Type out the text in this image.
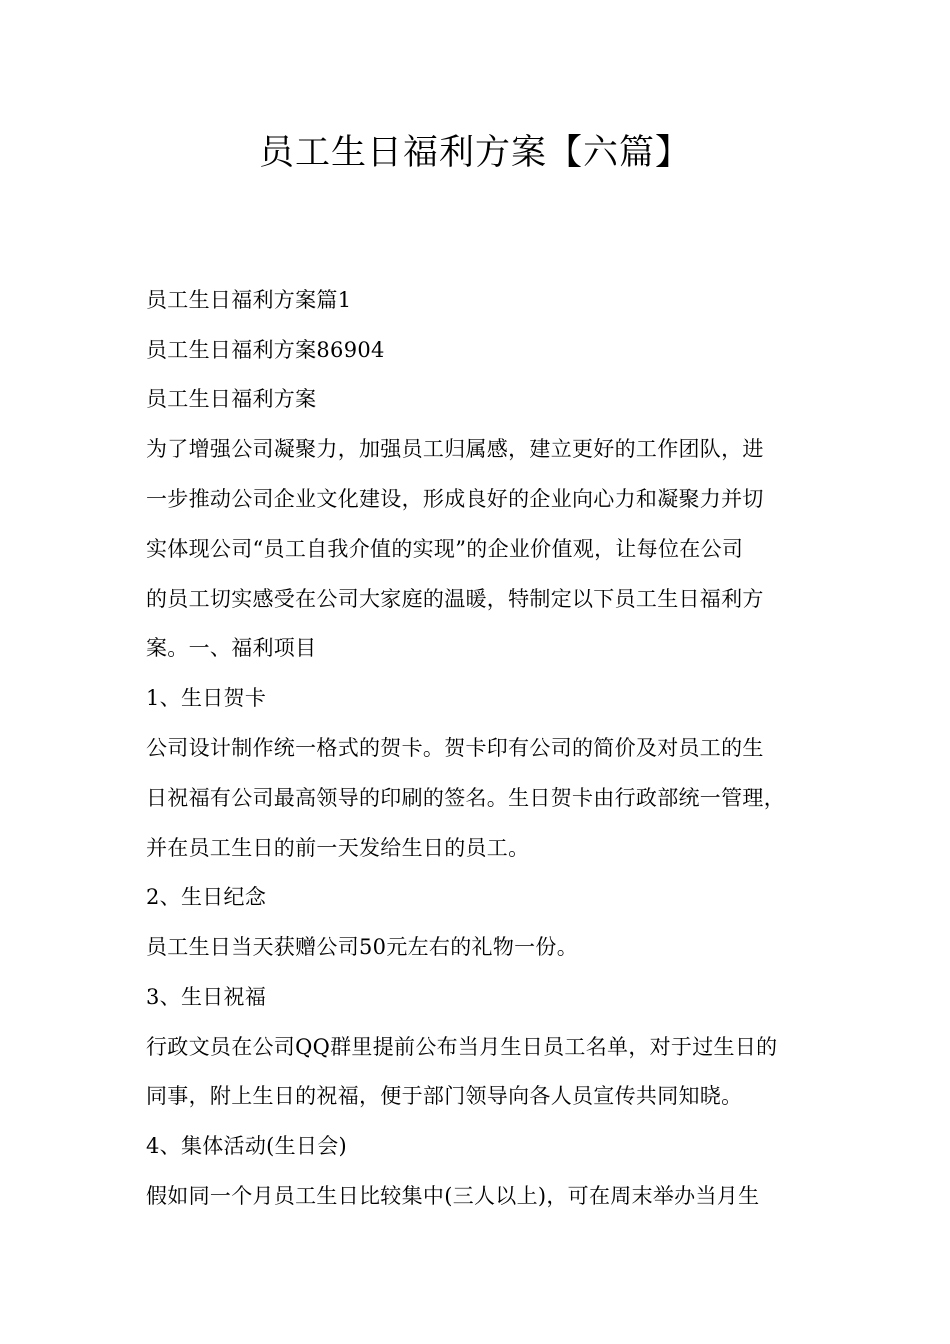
员工生日福利方案【六篇】

员工生日福利方案篇1

员工生日福利方案86904

员工生日福利方案

为了增强公司凝聚力，加强员工归属感，建立更好的工作团队，进

一步推动公司企业文化建设，形成良好的企业向心力和凝聚力并切

实体现公司“员工自我介值的实现”的企业价值观，让每位在公司

的员工切实感受在公司大家庭的温暖，特制定以下员工生日福利方

案。一、福利项目

1、生日贺卡

公司设计制作统一格式的贺卡。贺卡印有公司的简价及对员工的生

日祝福有公司最高领导的印刷的签名。生日贺卡由行政部统一管理，

并在员工生日的前一天发给生日的员工。

2、生日纪念

员工生日当天获赠公司50元左右的礼物一份。

3、生日祝福

行政文员在公司QQ群里提前公布当月生日员工名单，对于过生日的

同事，附上生日的祝福，便于部门领导向各人员宣传共同知晓。

4、集体活动(生日会)

假如同一个月员工生日比较集中(三人以上)，可在周末举办当月生
